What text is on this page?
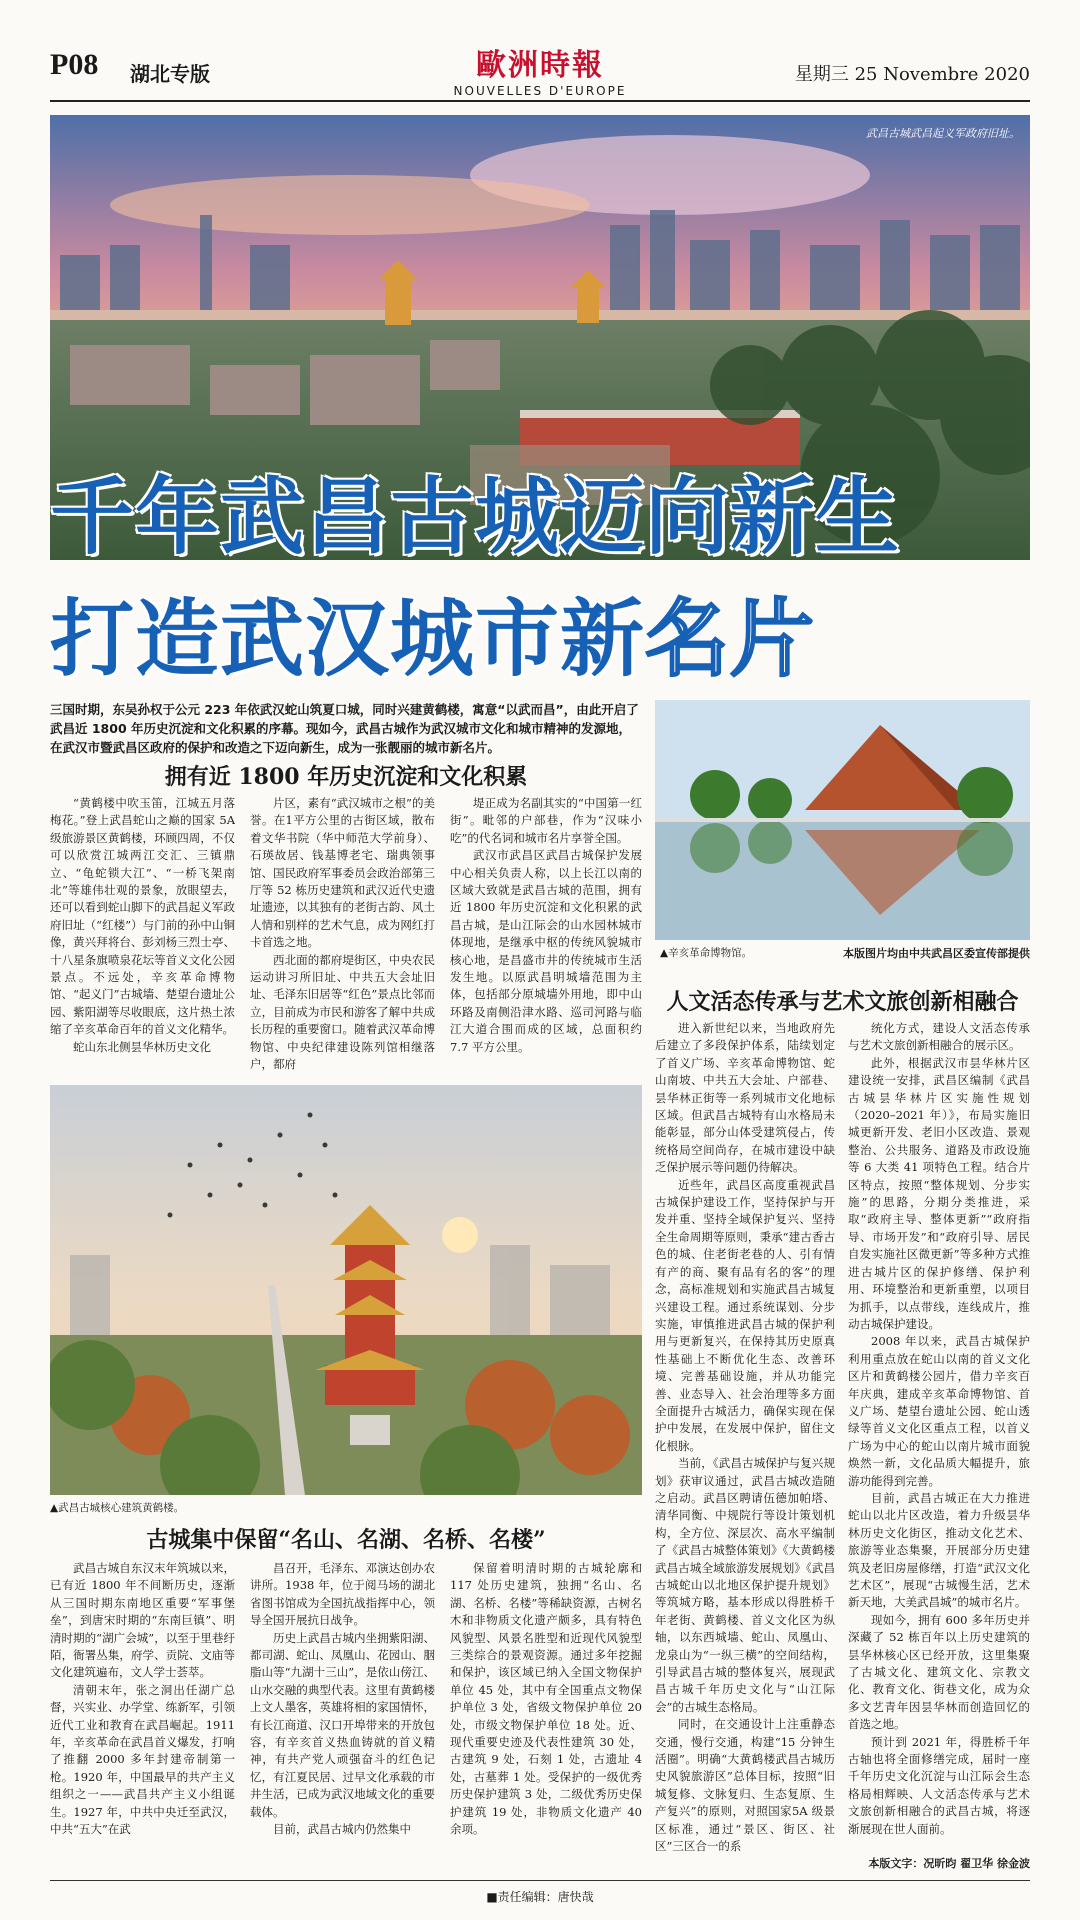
P08 湖北专版	歐洲時報
NOUVELLES D'EUROPE
星期三 25 Novembre 2020
武昌古城武昌起义军政府旧址。
千年武昌古城迈向新生
打造武汉城市新名片
三国时期，东吴孙权于公元 223 年依武汉蛇山筑夏口城，同时兴建黄鹤楼，寓意“以武而昌”，由此开启了武昌近 1800 年历史沉淀和文化积累的序幕。现如今，武昌古城作为武汉城市文化和城市精神的发源地，在武汉市暨武昌区政府的保护和改造之下迈向新生，成为一张靓丽的城市新名片。
拥有近 1800 年历史沉淀和文化积累

“黄鹤楼中吹玉笛，江城五月落梅花。”登上武昌蛇山之巅的国家 5A 级旅游景区黄鹤楼，环顾四周，不仅可以欣赏江城两江交汇、三镇鼎立、“龟蛇锁大江”、“一桥飞架南北”等雄伟壮观的景象，放眼望去，还可以看到蛇山脚下的武昌起义军政府旧址（“红楼”）与门前的孙中山铜像，黄兴拜将台、彭刘杨三烈士亭、十八星条旗喷泉花坛等首义文化公园景点。不远处，辛亥革命博物馆、“起义门”古城墙、楚望台遗址公园、紫阳湖等尽收眼底，这片热土浓缩了辛亥革命百年的首义文化精华。

蛇山东北侧昙华林历史文化

片区，素有“武汉城市之根”的美誉。在1平方公里的古街区域，散布着文华书院（华中师范大学前身）、石瑛故居、钱基博老宅、瑞典领事馆、国民政府军事委员会政治部第三厅等 52 栋历史建筑和武汉近代史遗址遗迹，以其独有的老街古韵、风土人情和别样的艺术气息，成为网红打卡首选之地。

西北面的都府堤街区，中央农民运动讲习所旧址、中共五大会址旧址、毛泽东旧居等“红色”景点比邻而立，目前成为市民和游客了解中共成长历程的重要窗口。随着武汉革命博物馆、中央纪律建设陈列馆相继落户，都府

堤正成为名副其实的“中国第一红街”。毗邻的户部巷，作为“汉味小吃”的代名词和城市名片享誉全国。

武汉市武昌区武昌古城保护发展中心相关负责人称，以上长江以南的区域大致就是武昌古城的范围，拥有近 1800 年历史沉淀和文化积累的武昌古城，是山江际会的山水园林城市体现地，是继承中枢的传统风貌城市核心地，是昌盛市井的传统城市生活发生地。以原武昌明城墙范围为主体，包括部分原城墙外用地，即中山环路及南侧沿津水路、巡司河路与临江大道合围而成的区域，总面积约 7.7 平方公里。

▲辛亥革命博物馆。	本版图片均由中共武昌区委宣传部提供
人文活态传承与艺术文旅创新相融合

进入新世纪以来，当地政府先后建立了多段保护体系，陆续划定了首义广场、辛亥革命博物馆、蛇山南坡、中共五大会址、户部巷、昙华林正街等一系列城市文化地标区域。但武昌古城特有山水格局未能彰显，部分山体受建筑侵占，传统格局空间尚存，在城市建设中缺乏保护展示等问题仍待解决。

近些年，武昌区高度重视武昌古城保护建设工作，坚持保护与开发并重、坚持全域保护复兴、坚持全生命周期等原则，秉承“建古香古色的城、住老街老巷的人、引有情有产的商、聚有品有名的客”的理念，高标准规划和实施武昌古城复兴建设工程。通过系统谋划、分步实施，审慎推进武昌古城的保护利用与更新复兴，在保持其历史原真性基础上不断优化生态、改善环境、完善基础设施，并从功能完善、业态导入、社会治理等多方面全面提升古城活力，确保实现在保护中发展，在发展中保护，留住文化根脉。

当前，《武昌古城保护与复兴规划》获审议通过，武昌古城改造随之启动。武昌区聘请伍德加帕塔、清华同衡、中规院行等设计策划机构，全方位、深层次、高水平编制了《武昌古城整体策划》《大黄鹤楼武昌古城全域旅游发展规划》《武昌古城蛇山以北地区保护提升规划》等筑城方略，基本形成以得胜桥千年老街、黄鹤楼、首义文化区为纵轴，以东西城墙、蛇山、凤凰山、龙泉山为“一纵三横”的空间结构，引导武昌古城的整体复兴，展现武昌古城千年历史文化与“山江际会”的古城生态格局。

同时，在交通设计上注重静态交通，慢行交通，构建“15 分钟生活圈”。明确“大黄鹤楼武昌古城历史风貌旅游区”总体目标，按照“旧城复修、文脉复归、生态复原、生产复兴”的原则，对照国家5A 级景区标准，通过“景区、街区、社区”三区合一的系

统化方式，建设人文活态传承与艺术文旅创新相融合的展示区。

此外，根据武汉市昙华林片区建设统一安排，武昌区编制《武昌古城昙华林片区实施性规划（2020–2021 年）》，布局实施旧城更新开发、老旧小区改造、景观整治、公共服务、道路及市政设施等 6 大类 41 项特色工程。结合片区特点，按照“整体规划、分步实施”的思路，分期分类推进，采取“政府主导、整体更新”“政府指导、市场开发”和“政府引导、居民自发实施社区微更新”等多种方式推进古城片区的保护修缮、保护利用、环境整治和更新重塑，以项目为抓手，以点带线，连线成片，推动古城保护建设。

2008 年以来，武昌古城保护利用重点放在蛇山以南的首义文化区片和黄鹤楼公园片，借力辛亥百年庆典，建成辛亥革命博物馆、首义广场、楚望台遗址公园、蛇山透绿等首义文化区重点工程，以首义广场为中心的蛇山以南片城市面貌焕然一新，文化品质大幅提升，旅游功能得到完善。

目前，武昌古城正在大力推进蛇山以北片区改造，着力升级昙华林历史文化街区，推动文化艺术、旅游等业态集聚，开展部分历史建筑及老旧房屋修缮，打造“武汉文化艺术区”，展现“古城慢生活，艺术新天地，大美武昌城”的城市名片。

现如今，拥有 600 多年历史并深藏了 52 栋百年以上历史建筑的昙华林核心区已经开放，这里集聚了古城文化、建筑文化、宗教文化、教育文化、街巷文化，成为众多文艺青年因昙华林而创造回忆的首选之地。

预计到 2021 年，得胜桥千年古轴也将全面修缮完成，届时一座千年历史文化沉淀与山江际会生态格局相辉映、人文活态传承与艺术文旅创新相融合的武昌古城，将逐渐展现在世人面前。

本版文字：况昕昀 翟卫华 徐金波
▲武昌古城核心建筑黄鹤楼。
古城集中保留“名山、名湖、名桥、名楼”

武昌古城自东汉末年筑城以来，已有近 1800 年不间断历史，逐渐从三国时期东南地区重要“军事堡垒”，到唐宋时期的“东南巨镇”、明清时期的“湖广会城”，以至于里巷纡陌，衙署丛集，府学、贡院、文庙等文化建筑遍布，文人学士荟萃。

清朝末年，张之洞出任湖广总督，兴实业、办学堂、练新军，引领近代工业和教育在武昌崛起。1911 年，辛亥革命在武昌首义爆发，打响了推翻 2000 多年封建帝制第一枪。1920 年，中国最早的共产主义组织之一——武昌共产主义小组诞生。1927 年，中共中央迁至武汉，中共“五大”在武

昌召开，毛泽东、邓演达创办农讲所。1938 年，位于阅马场的湖北省图书馆成为全国抗战指挥中心，领导全国开展抗日战争。

历史上武昌古城内坐拥紫阳湖、都司湖、蛇山、凤凰山、花园山、胭脂山等“九湖十三山”，是依山傍江、山水交融的典型代表。这里有黄鹤楼上文人墨客，英雄将相的家国情怀，有长江商道、汉口开埠带来的开放包容，有辛亥首义热血铸就的首义精神，有共产党人顽强奋斗的红色记忆，有江夏民居、过早文化承载的市井生活，已成为武汉地域文化的重要载体。

目前，武昌古城内仍然集中

保留着明清时期的古城轮廓和 117 处历史建筑，独拥“名山、名湖、名桥、名楼”等稀缺资源，古树名木和非物质文化遗产颇多，具有特色风貌型、风景名胜型和近现代风貌型三类综合的景观资源。通过多年挖掘和保护，该区域已纳入全国文物保护单位 45 处，其中有全国重点文物保护单位 3 处，省级文物保护单位 20 处，市级文物保护单位 18 处。近、现代重要史迹及代表性建筑 30 处，古建筑 9 处，石刻 1 处，古遗址 4 处，古墓葬 1 处。受保护的一级优秀历史保护建筑 3 处，二级优秀历史保护建筑 19 处，非物质文化遗产 40 余项。

■责任编辑：唐快哉
